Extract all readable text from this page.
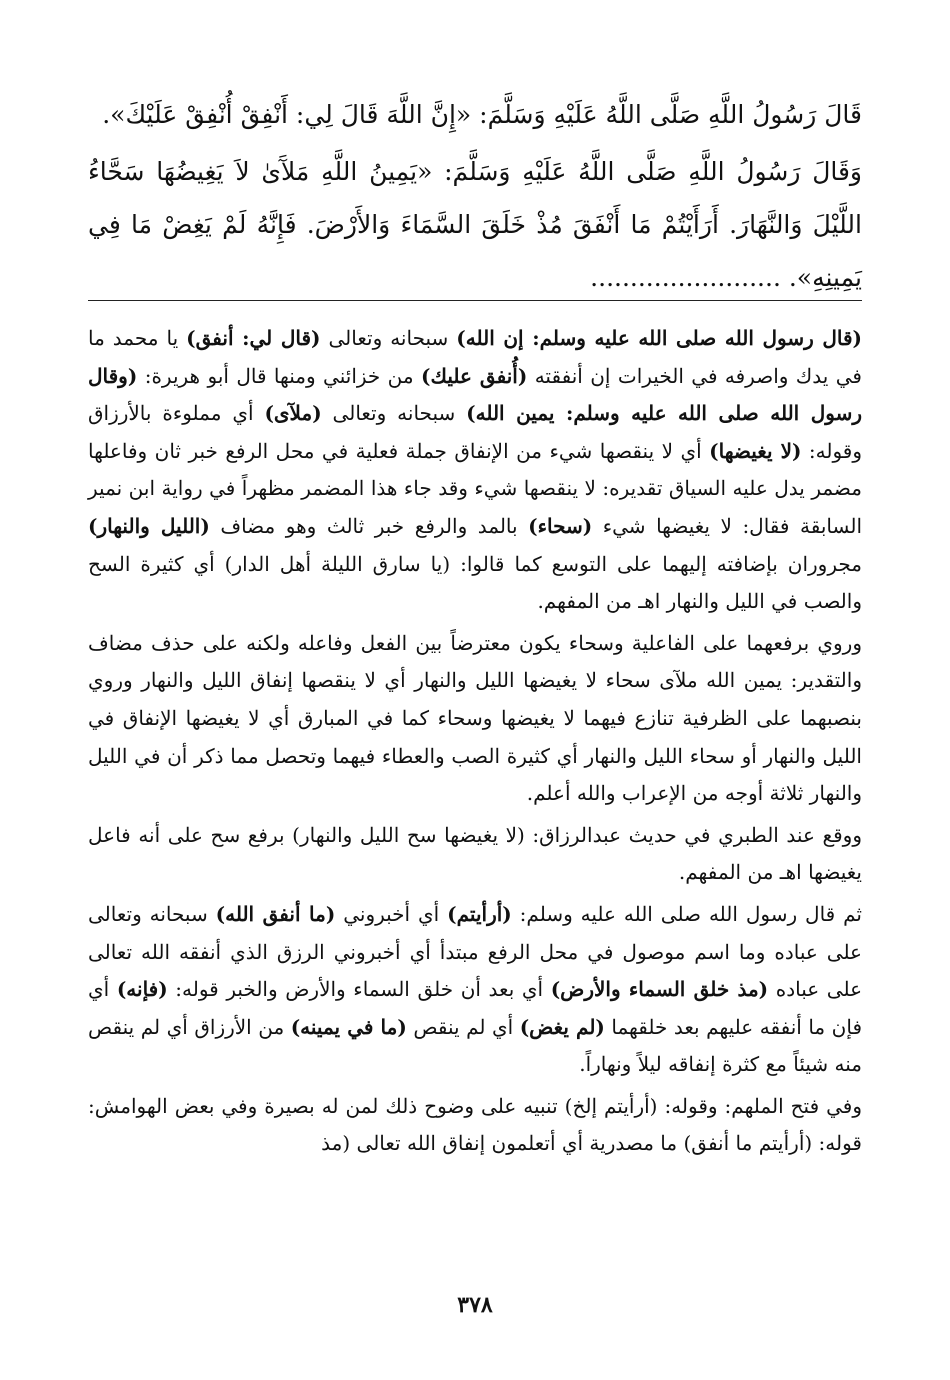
قَالَ رَسُولُ اللَّهِ صَلَّى اللَّهُ عَلَيْهِ وَسَلَّمَ: «إِنَّ اللَّهَ قَالَ لِي: أَنْفِقْ أُنْفِقْ عَلَيْكَ».

وَقَالَ رَسُولُ اللَّهِ صَلَّى اللَّهُ عَلَيْهِ وَسَلَّمَ: «يَمِينُ اللَّهِ مَلآَىٰ لاَ يَغِيضُهَا سَحَّاءُ اللَّيْلَ وَالنَّهَارَ. أَرَأَيْتُمْ مَا أَنْفَقَ مُذْ خَلَقَ السَّمَاءَ وَالأَرْضَ. فَإِنَّهُ لَمْ يَغِضْ مَا فِي يَمِينِهِ». ........................

(قال رسول الله صلى الله عليه وسلم: إن الله) سبحانه وتعالى (قال لي: أنفق) يا محمد ما في يدك واصرفه في الخيرات إن أنفقته (أُنفق عليك) من خزائني ومنها قال أبو هريرة: (وقال رسول الله صلى الله عليه وسلم: يمين الله) سبحانه وتعالى (ملآى) أي مملوءة بالأرزاق وقوله: (لا يغيضها) أي لا ينقصها شيء من الإنفاق جملة فعلية في محل الرفع خبر ثان وفاعلها مضمر يدل عليه السياق تقديره: لا ينقصها شيء وقد جاء هذا المضمر مظهراً في رواية ابن نمير السابقة فقال: لا يغيضها شيء (سحاء) بالمد والرفع خبر ثالث وهو مضاف (الليل والنهار) مجروران بإضافته إليهما على التوسع كما قالوا: (يا سارق الليلة أهل الدار) أي كثيرة السح والصب في الليل والنهار اهـ من المفهم.

وروي برفعهما على الفاعلية وسحاء يكون معترضاً بين الفعل وفاعله ولكنه على حذف مضاف والتقدير: يمين الله ملآى سحاء لا يغيضها الليل والنهار أي لا ينقصها إنفاق الليل والنهار وروي بنصبهما على الظرفية تنازع فيهما لا يغيضها وسحاء كما في المبارق أي لا يغيضها الإنفاق في الليل والنهار أو سحاء الليل والنهار أي كثيرة الصب والعطاء فيهما وتحصل مما ذكر أن في الليل والنهار ثلاثة أوجه من الإعراب والله أعلم.

ووقع عند الطبري في حديث عبدالرزاق: (لا يغيضها سح الليل والنهار) برفع سح على أنه فاعل يغيضها اهـ من المفهم.

ثم قال رسول الله صلى الله عليه وسلم: (أرأيتم) أي أخبروني (ما أنفق الله) سبحانه وتعالى على عباده وما اسم موصول في محل الرفع مبتدأ أي أخبروني الرزق الذي أنفقه الله تعالى على عباده (مذ خلق السماء والأرض) أي بعد أن خلق السماء والأرض والخبر قوله: (فإنه) أي فإن ما أنفقه عليهم بعد خلقهما (لم يغض) أي لم ينقص (ما في يمينه) من الأرزاق أي لم ينقص منه شيئاً مع كثرة إنفاقه ليلاً ونهاراً.

وفي فتح الملهم: وقوله: (أرأيتم إلخ) تنبيه على وضوح ذلك لمن له بصيرة وفي بعض الهوامش: قوله: (أرأيتم ما أنفق) ما مصدرية أي أتعلمون إنفاق الله تعالى (مذ

٣٧٨
